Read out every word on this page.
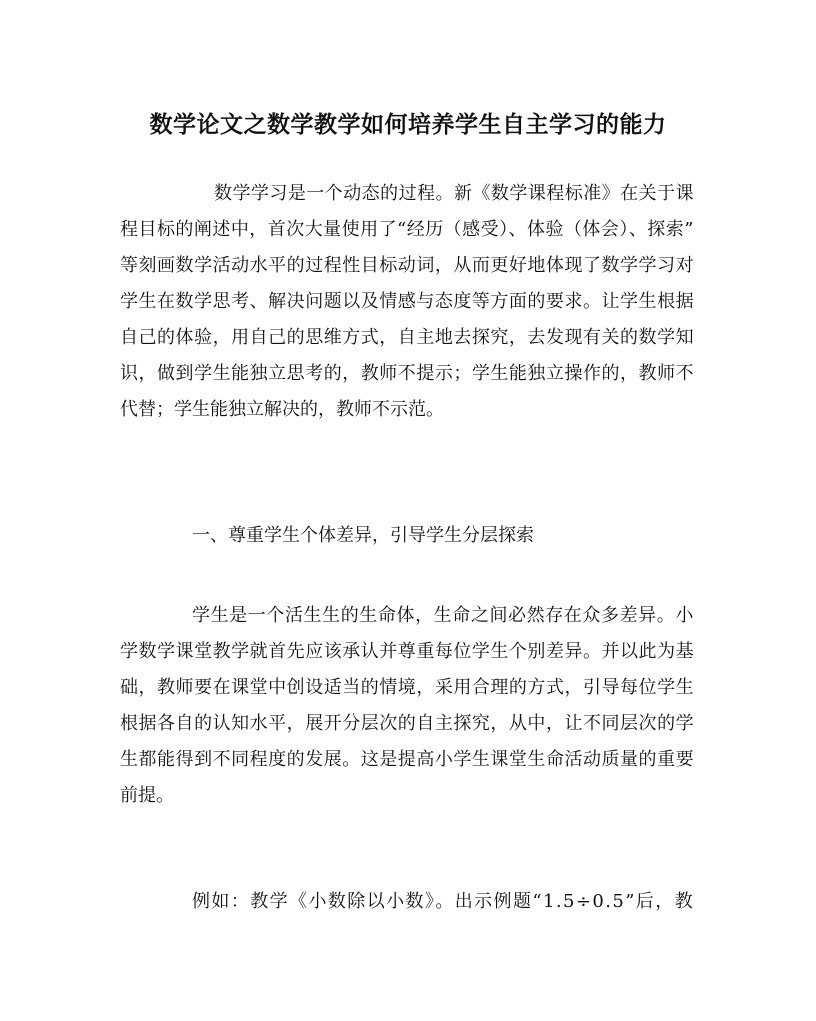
数学论文之数学教学如何培养学生自主学习的能力
数学学习是一个动态的过程。新《数学课程标准》在关于课
程目标的阐述中，首次大量使用了“经历（感受）、体验（体会）、探索”
等刻画数学活动水平的过程性目标动词，从而更好地体现了数学学习对
学生在数学思考、解决问题以及情感与态度等方面的要求。让学生根据
自己的体验，用自己的思维方式，自主地去探究，去发现有关的数学知
识，做到学生能独立思考的，教师不提示；学生能独立操作的，教师不
代替；学生能独立解决的，教师不示范。
一、尊重学生个体差异，引导学生分层探索
学生是一个活生生的生命体，生命之间必然存在众多差异。小
学数学课堂教学就首先应该承认并尊重每位学生个别差异。并以此为基
础，教师要在课堂中创设适当的情境，采用合理的方式，引导每位学生
根据各自的认知水平，展开分层次的自主探究，从中，让不同层次的学
生都能得到不同程度的发展。这是提高小学生课堂生命活动质量的重要
前提。
例如：教学《小数除以小数》。出示例题“1.5÷0.5”后，教
